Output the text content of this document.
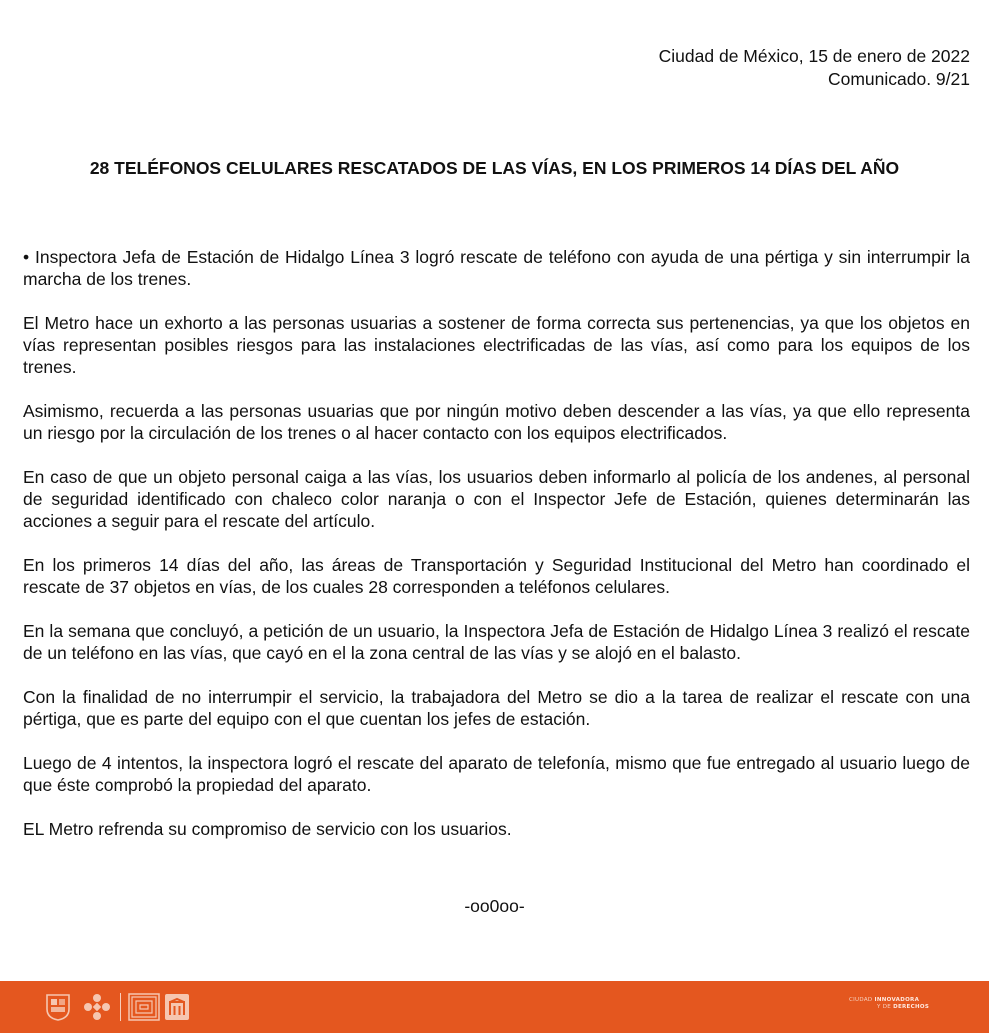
Ciudad de México, 15 de enero de 2022
Comunicado. 9/21
28 TELÉFONOS CELULARES RESCATADOS DE LAS VÍAS, EN LOS PRIMEROS 14 DÍAS DEL AÑO

• Inspectora Jefa de Estación de Hidalgo Línea 3 logró rescate de teléfono con ayuda de una pértiga y sin interrumpir la marcha de los trenes.

El Metro hace un exhorto a las personas usuarias a sostener de forma correcta sus pertenencias, ya que los objetos en vías representan posibles riesgos para las instalaciones electrificadas de las vías, así como para los equipos de los trenes.

Asimismo, recuerda a las personas usuarias que por ningún motivo deben descender a las vías, ya que ello representa un riesgo por la circulación de los trenes o al hacer contacto con los equipos electrificados.

En caso de que un objeto personal caiga a las vías, los usuarios deben informarlo al policía de los andenes, al personal de seguridad identificado con chaleco color naranja o con el Inspector Jefe de Estación, quienes determinarán las acciones a seguir para el rescate del artículo.

En los primeros 14 días del año, las áreas de Transportación y Seguridad Institucional del Metro han coordinado el rescate de 37 objetos en vías, de los cuales 28 corresponden a teléfonos celulares.

En la semana que concluyó, a petición de un usuario, la Inspectora Jefa de Estación de Hidalgo Línea 3 realizó el rescate de un teléfono en las vías, que cayó en el la zona central de las vías y se alojó en el balasto.

Con la finalidad de no interrumpir el servicio, la trabajadora del Metro se dio a la tarea de realizar el rescate con una pértiga, que es parte del equipo con el que cuentan los jefes de estación.

Luego de 4 intentos, la inspectora logró el rescate del aparato de telefonía, mismo que fue entregado al usuario luego de que éste comprobó la propiedad del aparato.

EL Metro refrenda su compromiso de servicio con los usuarios.

-oo0oo-
CIUDAD INNOVADORA
Y DE DERECHOS
